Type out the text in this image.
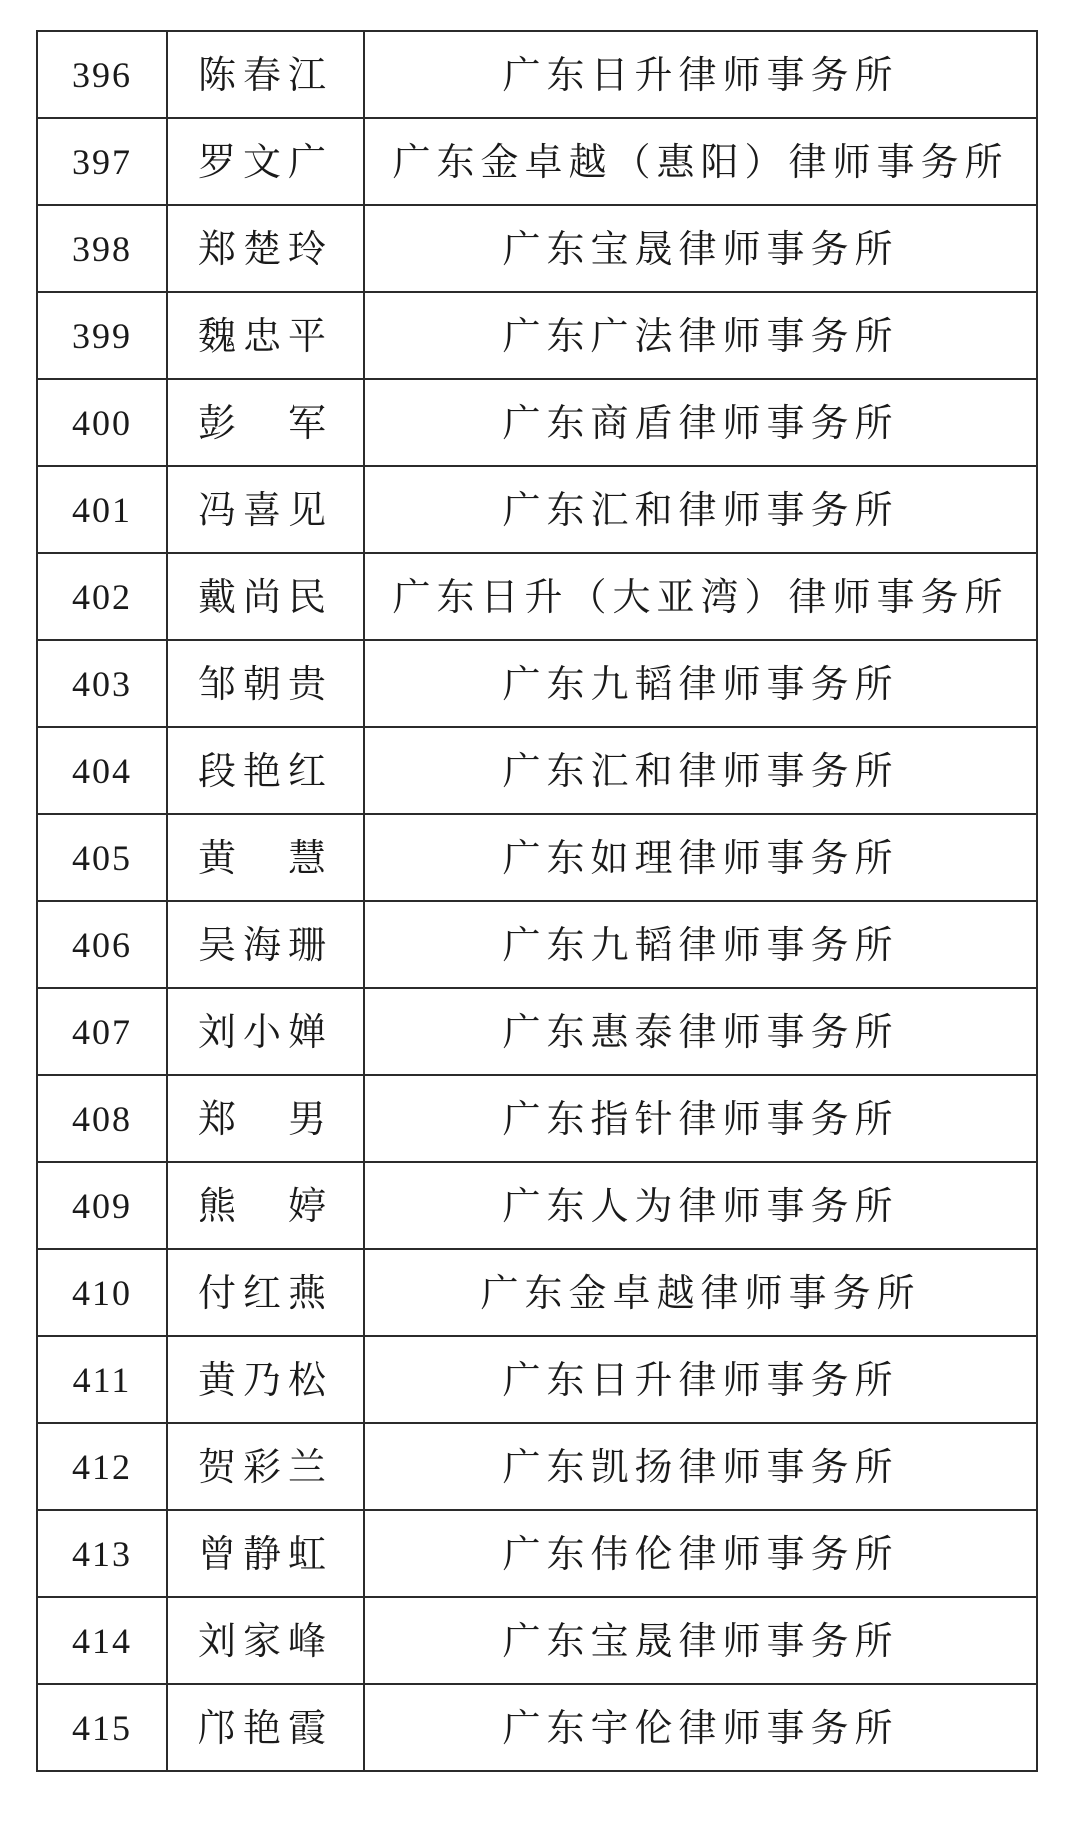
396	陈春江	广东日升律师事务所
397	罗文广	广东金卓越（惠阳）律师事务所
398	郑楚玲	广东宝晟律师事务所
399	魏忠平	广东广法律师事务所
400	彭　军	广东商盾律师事务所
401	冯喜见	广东汇和律师事务所
402	戴尚民	广东日升（大亚湾）律师事务所
403	邹朝贵	广东九韬律师事务所
404	段艳红	广东汇和律师事务所
405	黄　慧	广东如理律师事务所
406	吴海珊	广东九韬律师事务所
407	刘小婵	广东惠泰律师事务所
408	郑　男	广东指针律师事务所
409	熊　婷	广东人为律师事务所
410	付红燕	广东金卓越律师事务所
411	黄乃松	广东日升律师事务所
412	贺彩兰	广东凯扬律师事务所
413	曾静虹	广东伟伦律师事务所
414	刘家峰	广东宝晟律师事务所
415	邝艳霞	广东宇伦律师事务所
